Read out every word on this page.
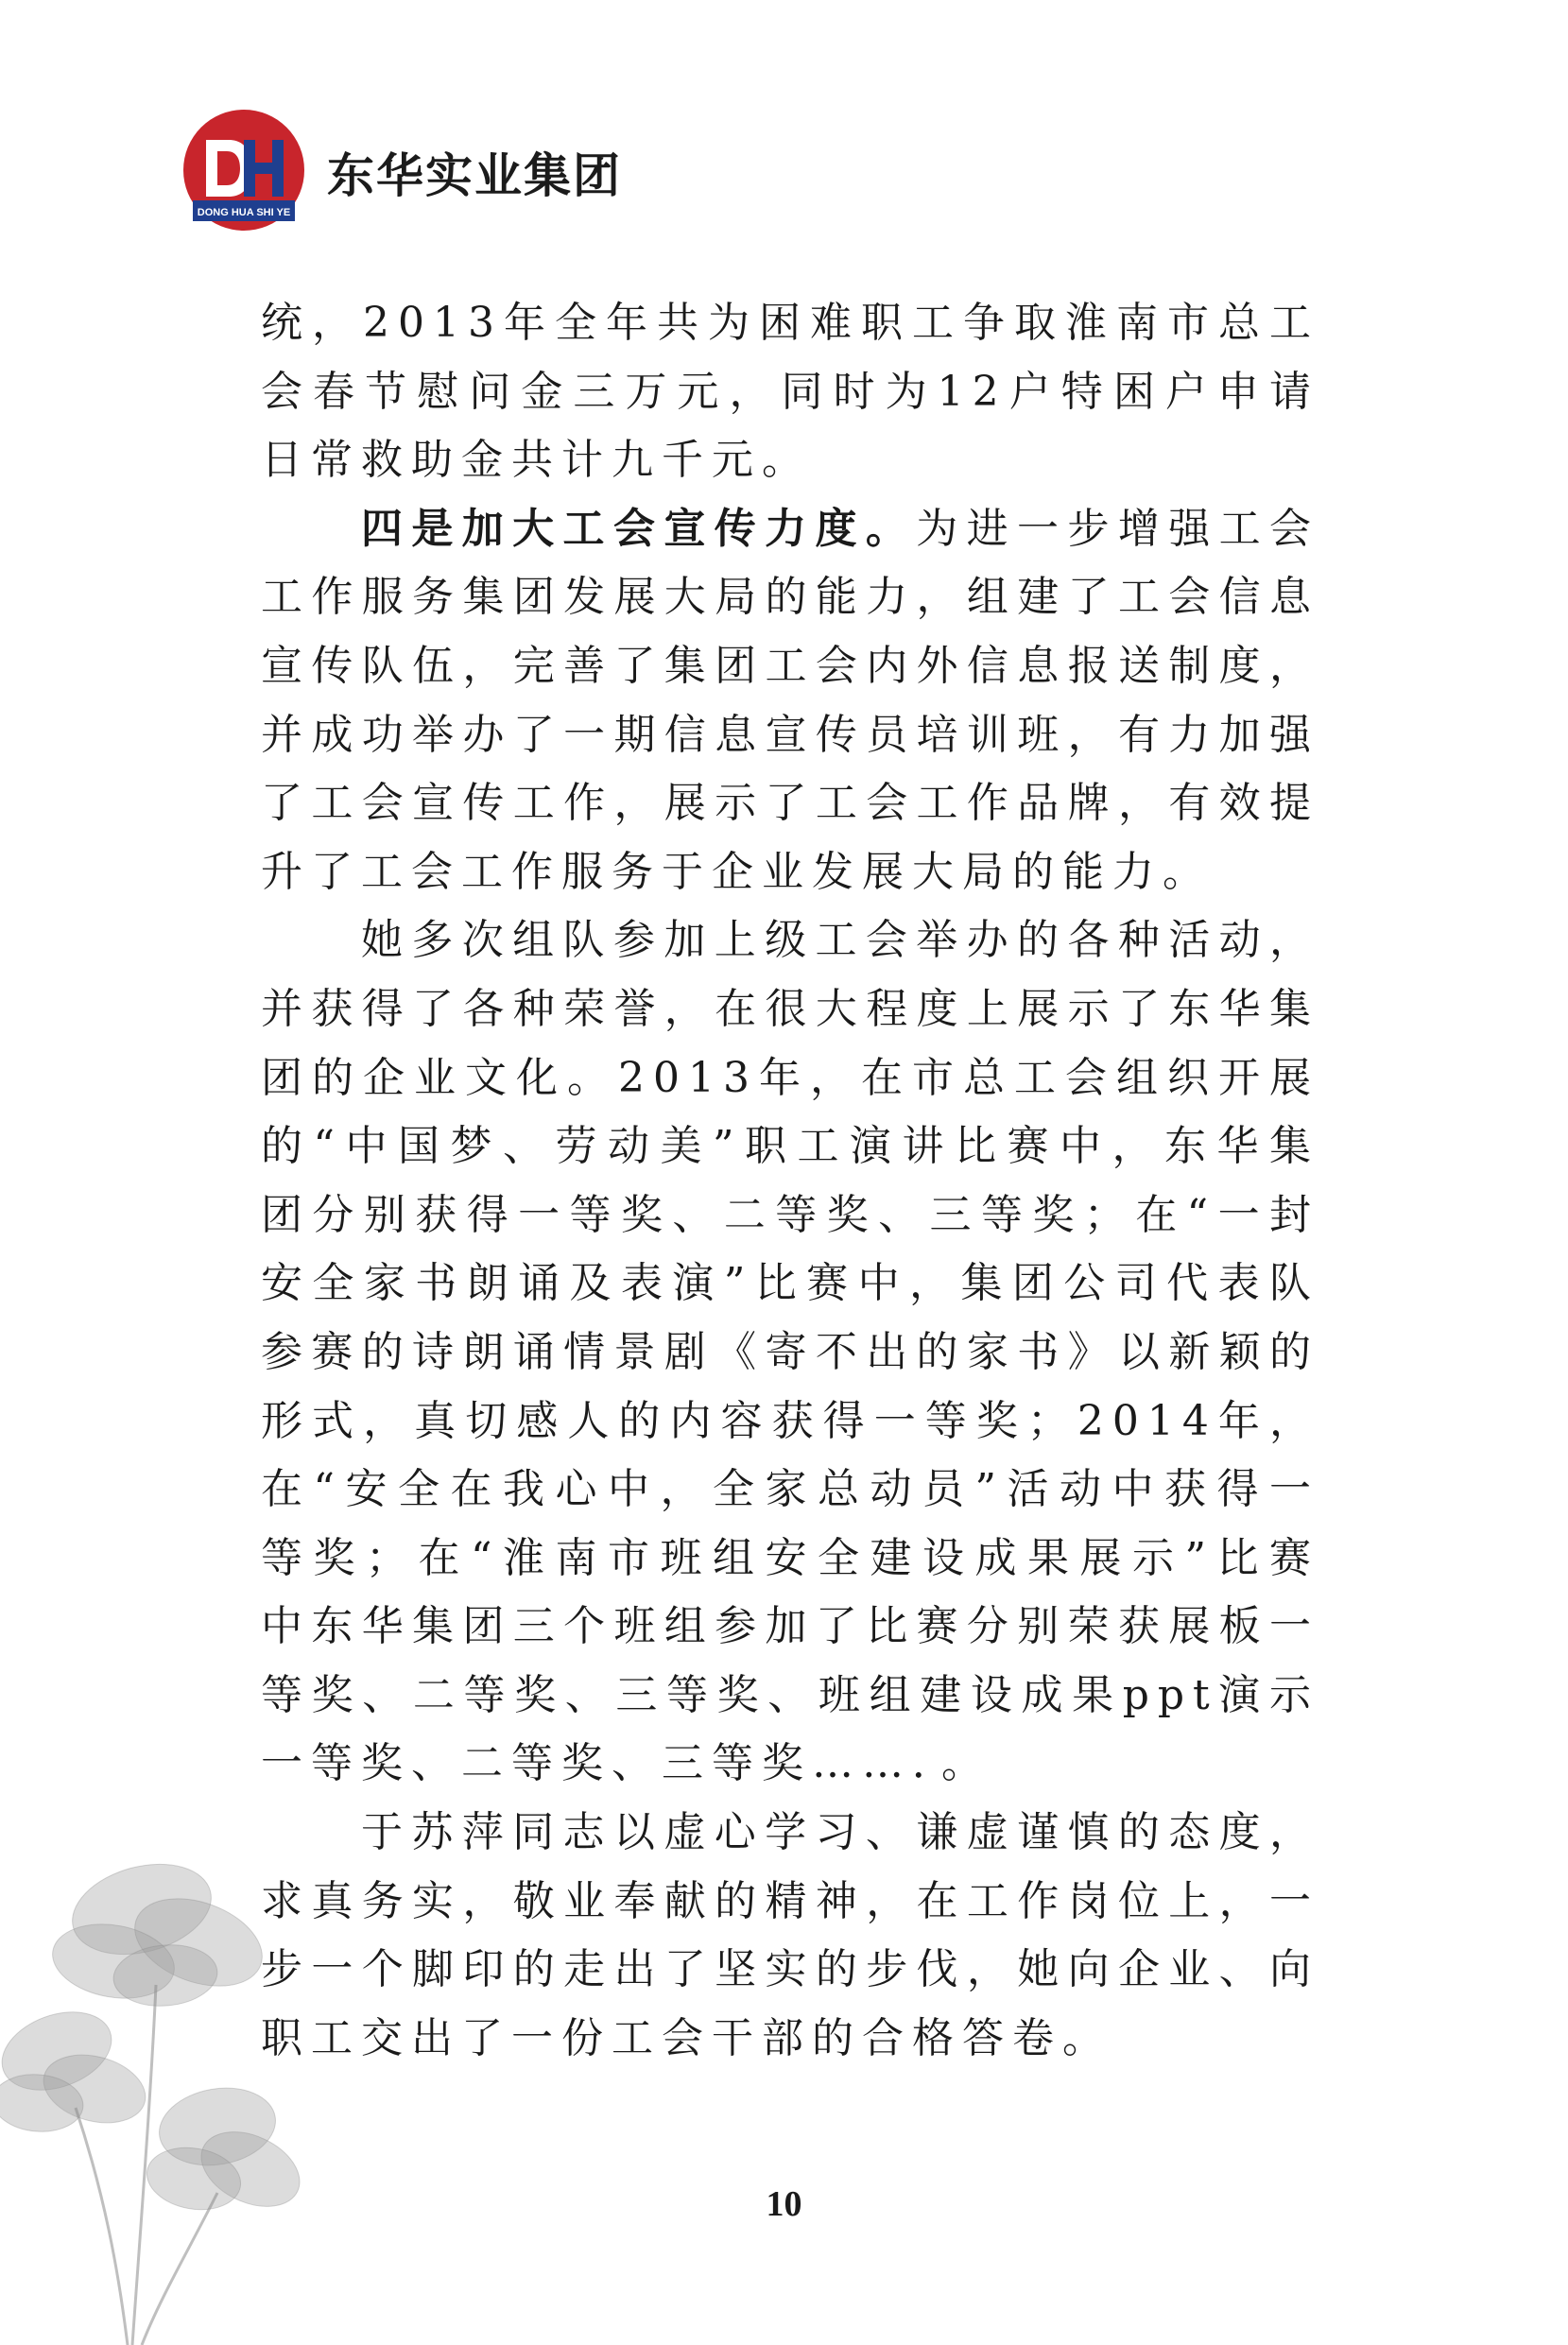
DONG HUA SHI YE
东华实业集团

统，2013年全年共为困难职工争取淮南市总工会春节慰问金三万元，同时为12户特困户申请日常救助金共计九千元。

四是加大工会宣传力度。为进一步增强工会工作服务集团发展大局的能力，组建了工会信息宣传队伍，完善了集团工会内外信息报送制度，并成功举办了一期信息宣传员培训班，有力加强了工会宣传工作，展示了工会工作品牌，有效提升了工会工作服务于企业发展大局的能力。

她多次组队参加上级工会举办的各种活动，并获得了各种荣誉，在很大程度上展示了东华集团的企业文化。2013年，在市总工会组织开展的“中国梦、劳动美”职工演讲比赛中，东华集团分别获得一等奖、二等奖、三等奖；在“一封安全家书朗诵及表演”比赛中，集团公司代表队参赛的诗朗诵情景剧《寄不出的家书》以新颖的形式，真切感人的内容获得一等奖；2014年，在“安全在我心中，全家总动员”活动中获得一等奖；在“淮南市班组安全建设成果展示”比赛中东华集团三个班组参加了比赛分别荣获展板一等奖、二等奖、三等奖、班组建设成果ppt演示一等奖、二等奖、三等奖……．。

于苏萍同志以虚心学习、谦虚谨慎的态度，求真务实，敬业奉献的精神，在工作岗位上，一步一个脚印的走出了坚实的步伐，她向企业、向职工交出了一份工会干部的合格答卷。

10
